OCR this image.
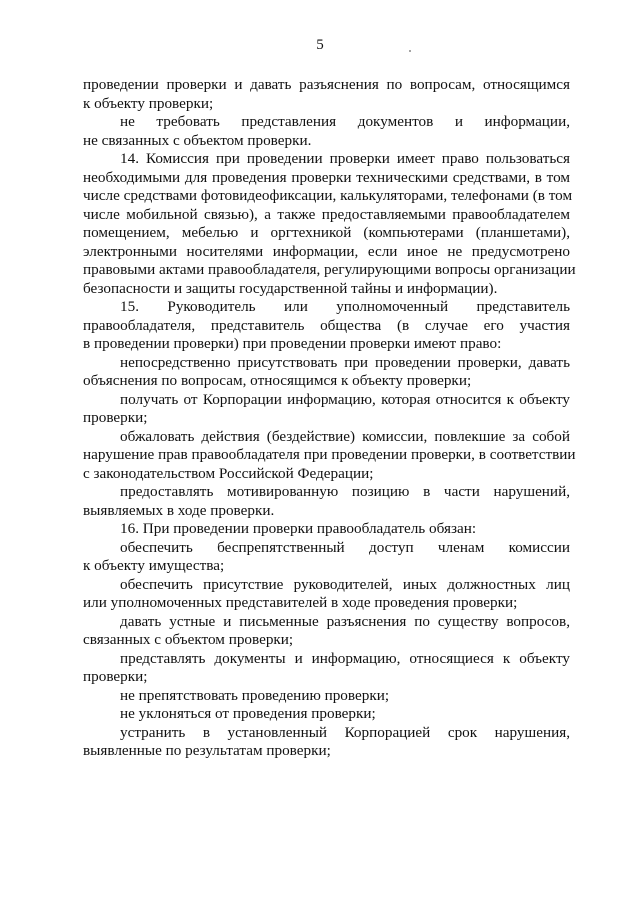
5
проведении проверки и давать разъяснения по вопросам, относящимся
к объекту проверки;
не требовать представления документов и информации,
не связанных с объектом проверки.
14. Комиссия при проведении проверки имеет право пользоваться
необходимыми для проведения проверки техническими средствами, в том
числе средствами фотовидеофиксации, калькуляторами, телефонами (в том
числе мобильной связью), а также предоставляемыми правообладателем
помещением, мебелью и оргтехникой (компьютерами (планшетами),
электронными носителями информации, если иное не предусмотрено
правовыми актами правообладателя, регулирующими вопросы организации
безопасности и защиты государственной тайны и информации).
15. Руководитель или уполномоченный представитель
правообладателя, представитель общества (в случае его участия
в проведении проверки) при проведении проверки имеют право:
непосредственно присутствовать при проведении проверки, давать
объяснения по вопросам, относящимся к объекту проверки;
получать от Корпорации информацию, которая относится к объекту
проверки;
обжаловать действия (бездействие) комиссии, повлекшие за собой
нарушение прав правообладателя при проведении проверки, в соответствии
с законодательством Российской Федерации;
предоставлять мотивированную позицию в части нарушений,
выявляемых в ходе проверки.
16. При проведении проверки правообладатель обязан:
обеспечить беспрепятственный доступ членам комиссии
к объекту имущества;
обеспечить присутствие руководителей, иных должностных лиц
или уполномоченных представителей в ходе проведения проверки;
давать устные и письменные разъяснения по существу вопросов,
связанных с объектом проверки;
представлять документы и информацию, относящиеся к объекту
проверки;
не препятствовать проведению проверки;
не уклоняться от проведения проверки;
устранить в установленный Корпорацией срок нарушения,
выявленные по результатам проверки;
